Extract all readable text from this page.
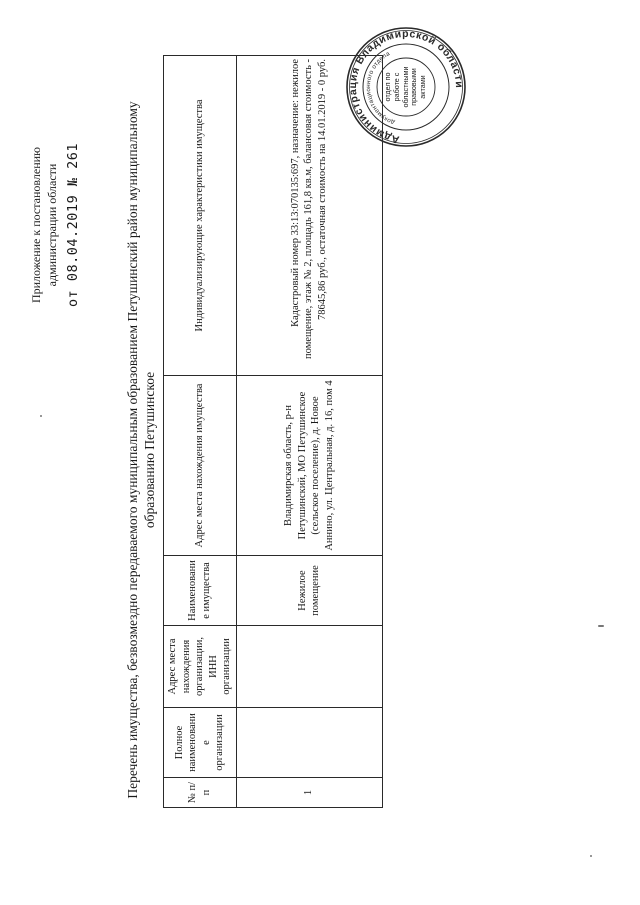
Приложение к постановлению администрации области от 08.04.2019 № 261	Перечень имущества, безвозмездно передаваемого муниципальным образованием Петушинский район муниципальному образованию Петушинское
№ п/п	Полное наименование организации	Адрес места нахождения организации, ИНН организации	Наименование имущества	Адрес места нахождения имущества	Индивидуализирующие характеристики имущества
1			Нежилое помещение	Владимирская область, р-н Петушинский, МО Петушинское (сельское поселение), д. Новое Аннино, ул. Центральная, д. 16, пом 4	Кадастровый номер 33:13:070135:697, назначение: нежилое помещение, этаж № 2, площадь 161,8 кв.м, балансовая стоимость - 78645,86 руб., остаточная стоимость на 14.01.2019 - 0 руб.	Администрация Владимирской области
документационного отдела
отдел по работе с областными правовыми актами
